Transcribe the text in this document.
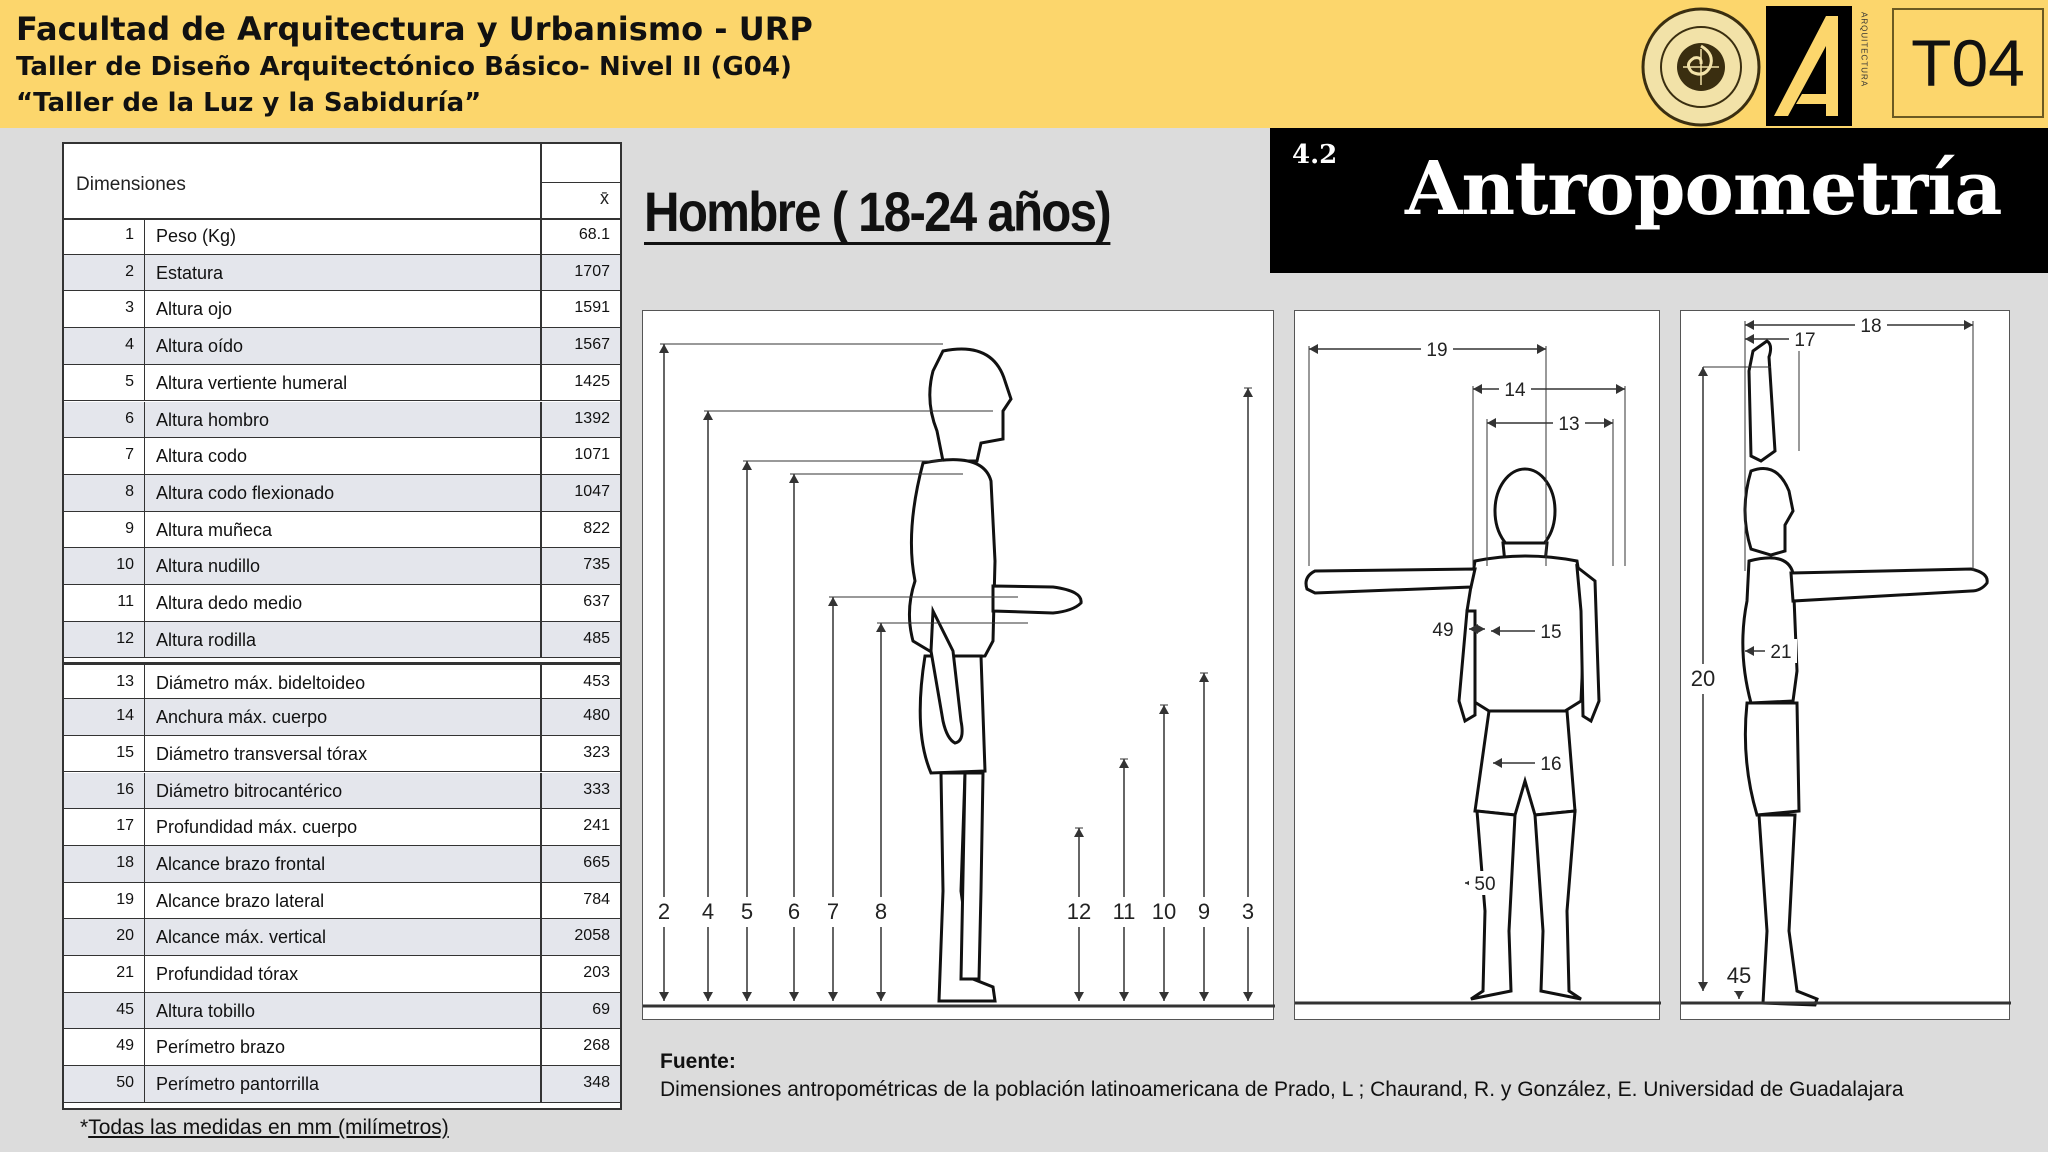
Facultad de Arquitectura y Urbanismo - URP
Taller de Diseño Arquitectónico Básico- Nivel II (G04)
“Taller de la Luz y la Sabiduría”
ARQUITECTURA T04
4.2 Antropometría
Hombre ( 18-24 años)
Dimensiones
x̄
1 Peso (Kg)	68.1
2 Estatura	1707
3 Altura ojo	1591
4 Altura oído	1567
5 Altura vertiente humeral	1425
6 Altura hombro	1392
7 Altura codo	1071
8 Altura codo flexionado	1047
9 Altura muñeca	822
10 Altura nudillo	735
11 Altura dedo medio	637
12 Altura rodilla	485
13 Diámetro máx. bideltoideo	453
14 Anchura máx. cuerpo	480
15 Diámetro transversal tórax	323
16 Diámetro bitrocantérico	333
17 Profundidad máx. cuerpo	241
18 Alcance brazo frontal	665
19 Alcance brazo lateral	784
20 Alcance máx. vertical	2058
21 Profundidad tórax	203
45 Altura tobillo	69
49 Perímetro brazo	268
50 Perímetro pantorrilla	348
2 4 5 6 7 8	12 11 10 9 3
19
14
13
49	15
16
50
18
17
20
21
45
*Todas las medidas en mm (milímetros)
Fuente:
Dimensiones antropométricas de la población latinoamericana de Prado, L ; Chaurand, R. y González, E. Universidad de Guadalajara
